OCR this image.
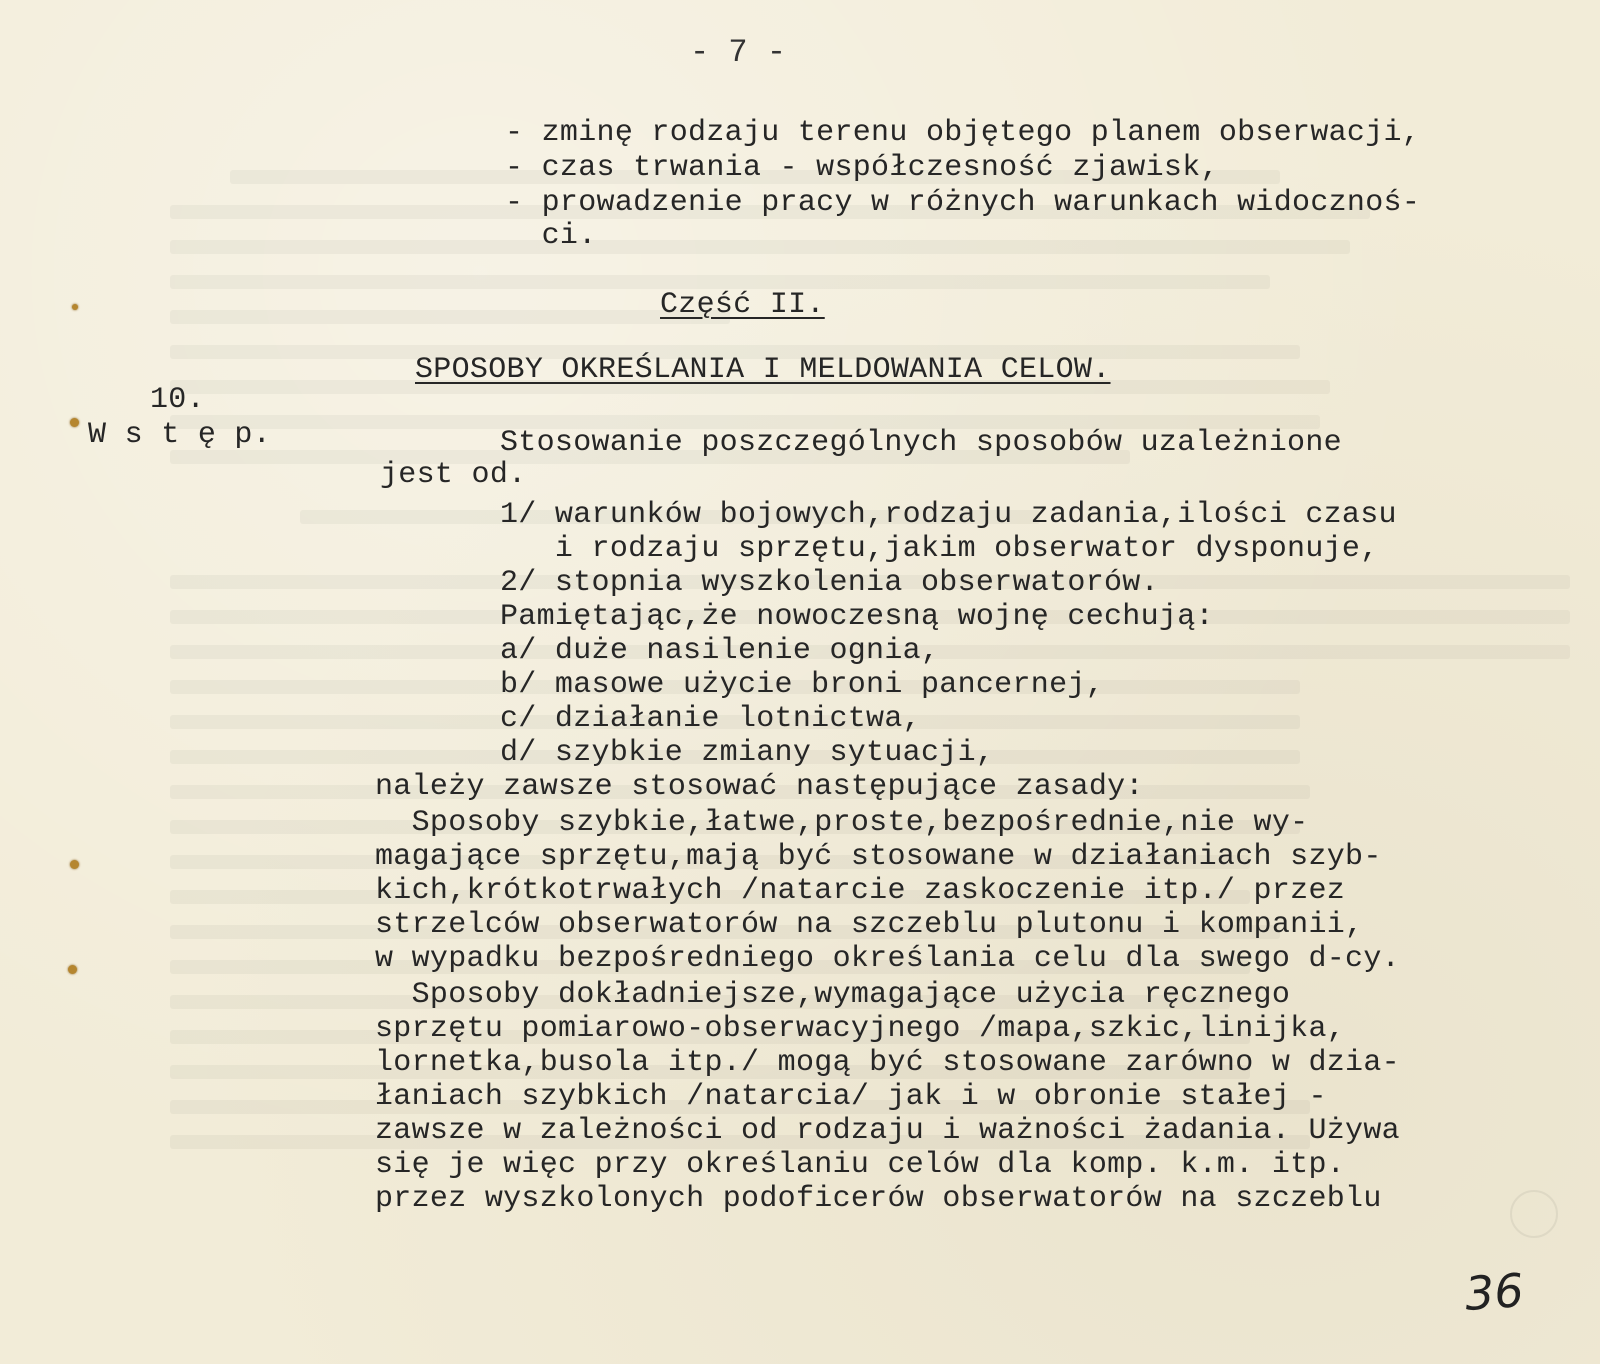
- 7 -
- zminę rodzaju terenu objętego planem obserwacji,
- czas trwania - współczesność zjawisk,
- prowadzenie pracy w różnych warunkach widocznoś-
ci.
Część II.
SPOSOBY OKREŚLANIA I MELDOWANIA CELOW.
10.
W s t ę p.	Stosowanie poszczególnych sposobów uzależnione
jest od.
1/ warunków bojowych,rodzaju zadania,ilości czasu
i rodzaju sprzętu,jakim obserwator dysponuje,
2/ stopnia wyszkolenia obserwatorów.
Pamiętając,że nowoczesną wojnę cechują:
a/ duże nasilenie ognia,
b/ masowe użycie broni pancernej,
c/ działanie lotnictwa,
d/ szybkie zmiany sytuacji,
należy zawsze stosować następujące zasady:
Sposoby szybkie,łatwe,proste,bezpośrednie,nie wy-
magające sprzętu,mają być stosowane w działaniach szyb-
kich,krótkotrwałych /natarcie zaskoczenie itp./ przez
strzelców obserwatorów na szczeblu plutonu i kompanii,
w wypadku bezpośredniego określania celu dla swego d-cy.
Sposoby dokładniejsze,wymagające użycia ręcznego
sprzętu pomiarowo-obserwacyjnego /mapa,szkic,linijka,
lornetka,busola itp./ mogą być stosowane zarówno w dzia-
łaniach szybkich /natarcia/ jak i w obronie stałej -
zawsze w zależności od rodzaju i ważności żadania. Używa
się je więc przy określaniu celów dla komp. k.m. itp.
przez wyszkolonych podoficerów obserwatorów na szczeblu
36
